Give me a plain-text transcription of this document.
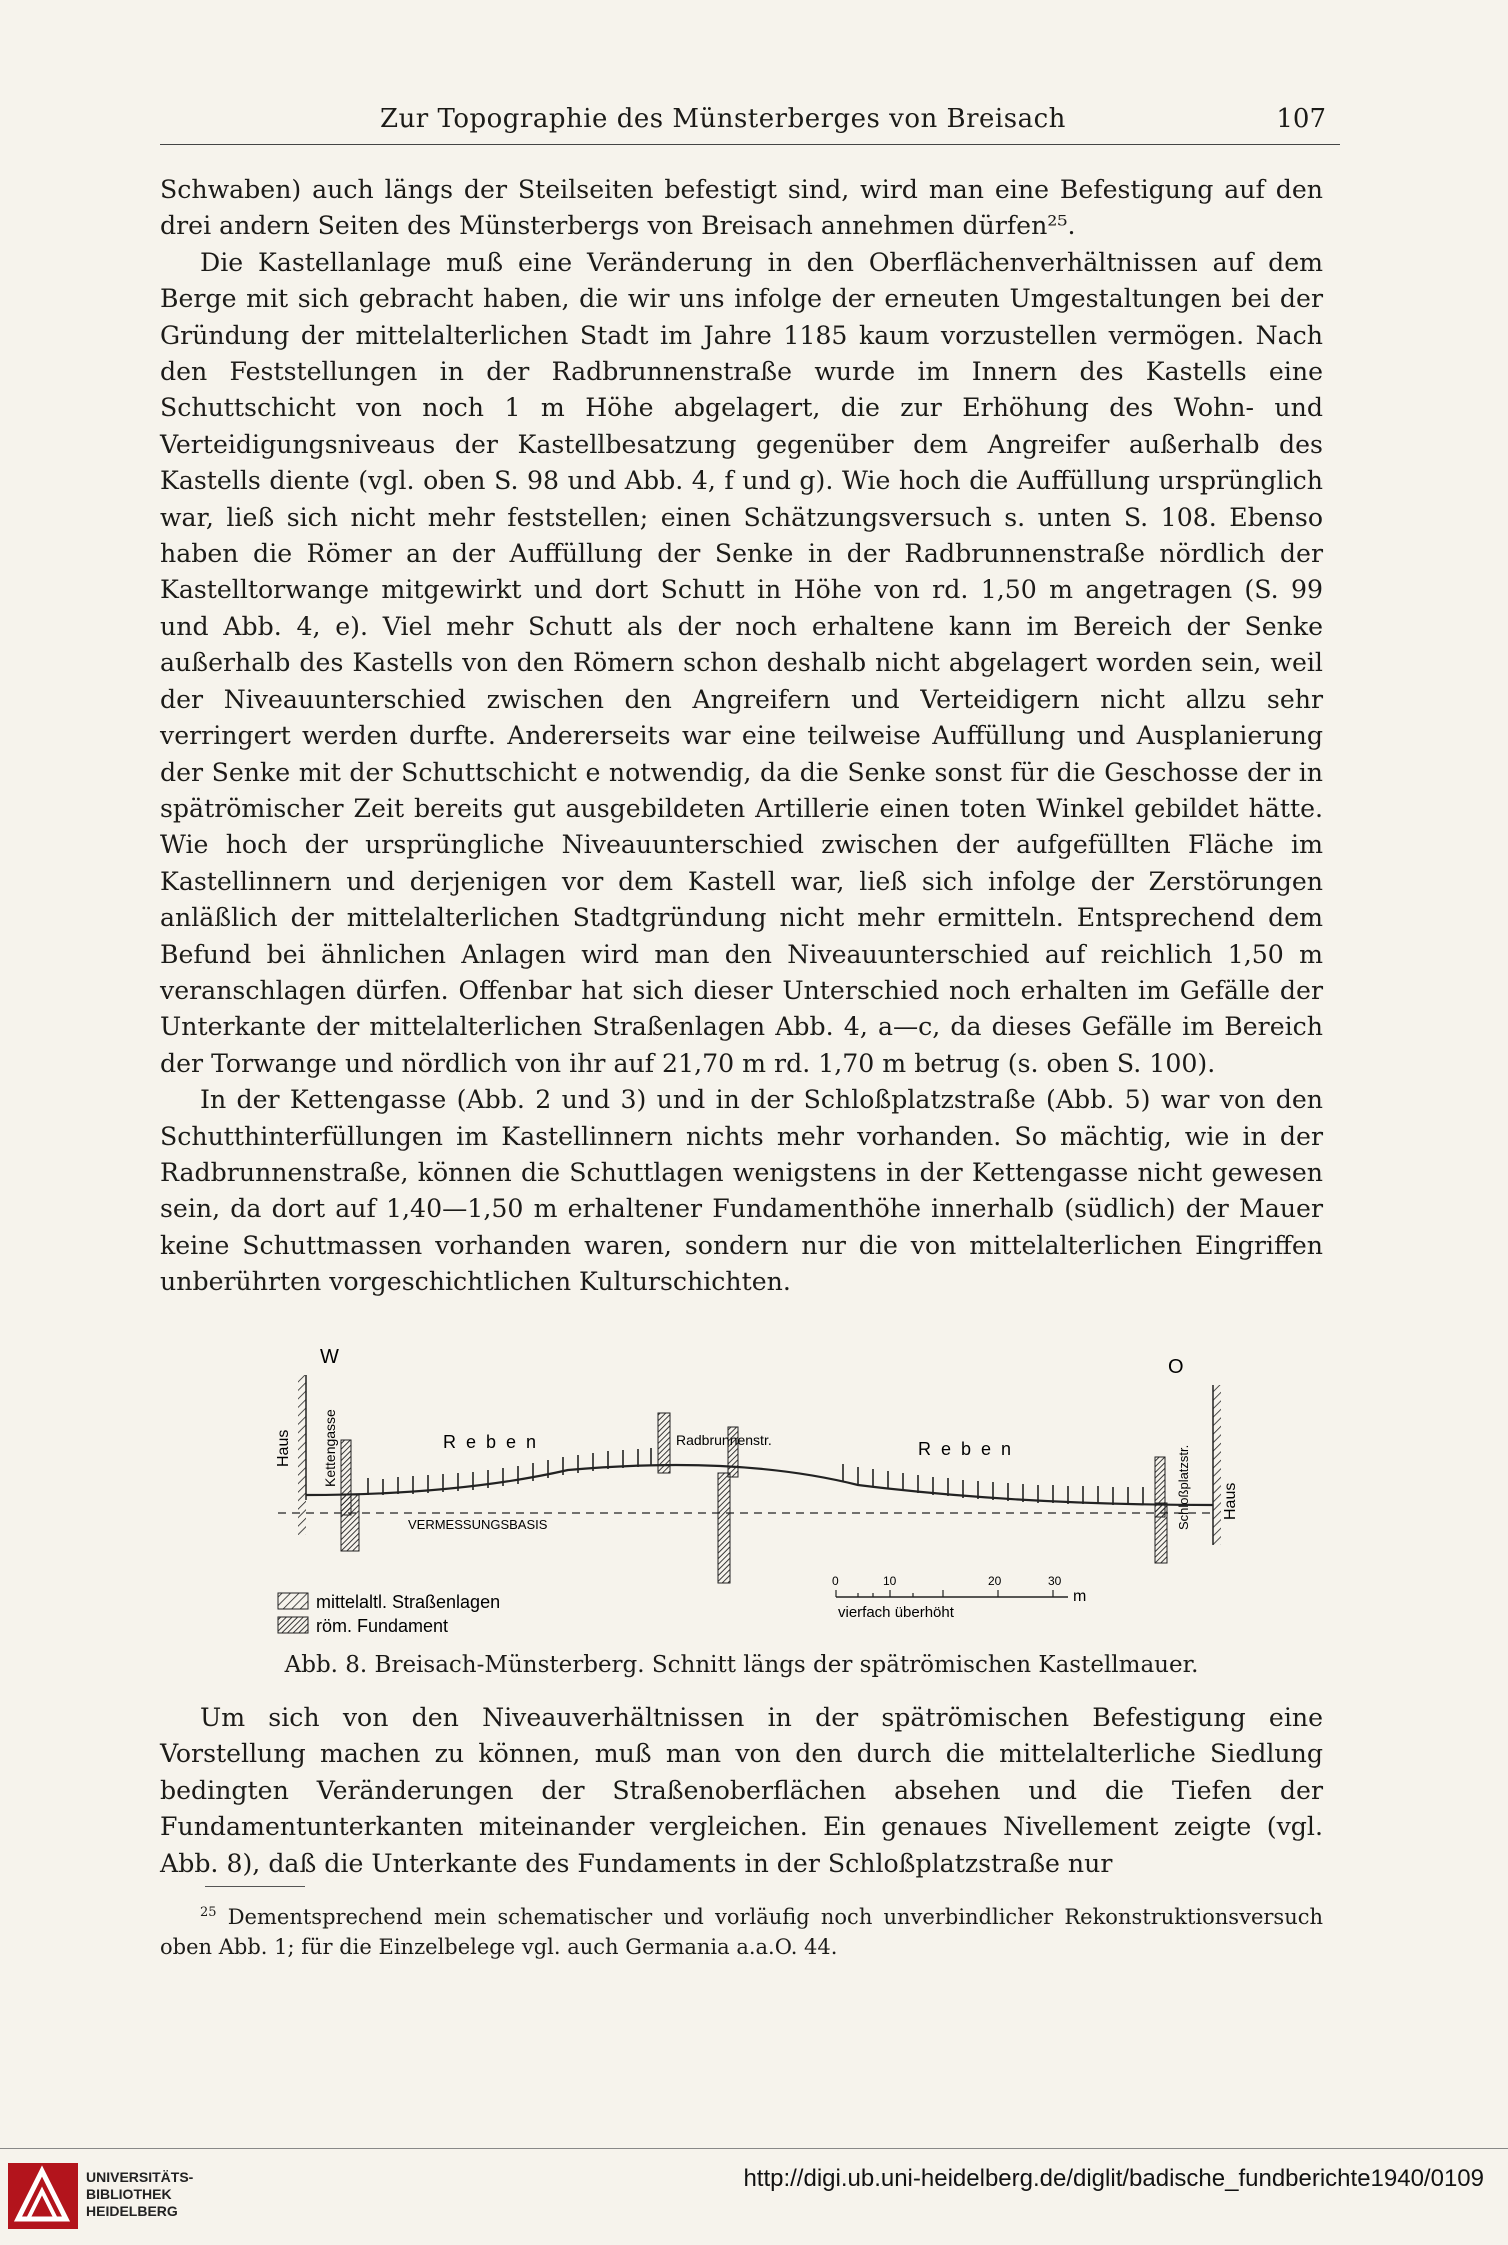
Zur Topographie des Münsterberges von Breisach	107

Schwaben) auch längs der Steilseiten befestigt sind, wird man eine Befestigung auf den drei andern Seiten des Münsterbergs von Breisach annehmen dürfen²⁵.

Die Kastellanlage muß eine Veränderung in den Oberflächenverhältnissen auf dem Berge mit sich gebracht haben, die wir uns infolge der erneuten Umgestaltungen bei der Gründung der mittelalterlichen Stadt im Jahre 1185 kaum vorzustellen vermögen. Nach den Feststellungen in der Radbrunnenstraße wurde im Innern des Kastells eine Schuttschicht von noch 1 m Höhe abgelagert, die zur Erhöhung des Wohn- und Verteidigungsniveaus der Kastellbesatzung gegenüber dem Angreifer außerhalb des Kastells diente (vgl. oben S. 98 und Abb. 4, f und g). Wie hoch die Auffüllung ursprünglich war, ließ sich nicht mehr feststellen; einen Schätzungsversuch s. unten S. 108. Ebenso haben die Römer an der Auffüllung der Senke in der Radbrunnenstraße nördlich der Kastelltorwange mitgewirkt und dort Schutt in Höhe von rd. 1,50 m angetragen (S. 99 und Abb. 4, e). Viel mehr Schutt als der noch erhaltene kann im Bereich der Senke außerhalb des Kastells von den Römern schon deshalb nicht abgelagert worden sein, weil der Niveauunterschied zwischen den Angreifern und Verteidigern nicht allzu sehr verringert werden durfte. Andererseits war eine teilweise Auffüllung und Ausplanierung der Senke mit der Schuttschicht e notwendig, da die Senke sonst für die Geschosse der in spätrömischer Zeit bereits gut ausgebildeten Artillerie einen toten Winkel gebildet hätte. Wie hoch der ursprüngliche Niveauunterschied zwischen der aufgefüllten Fläche im Kastellinnern und derjenigen vor dem Kastell war, ließ sich infolge der Zerstörungen anläßlich der mittelalterlichen Stadtgründung nicht mehr ermitteln. Entsprechend dem Befund bei ähnlichen Anlagen wird man den Niveauunterschied auf reichlich 1,50 m veranschlagen dürfen. Offenbar hat sich dieser Unterschied noch erhalten im Gefälle der Unterkante der mittelalterlichen Straßenlagen Abb. 4, a—c, da dieses Gefälle im Bereich der Torwange und nördlich von ihr auf 21,70 m rd. 1,70 m betrug (s. oben S. 100).

In der Kettengasse (Abb. 2 und 3) und in der Schloßplatzstraße (Abb. 5) war von den Schutthinterfüllungen im Kastellinnern nichts mehr vorhanden. So mächtig, wie in der Radbrunnenstraße, können die Schuttlagen wenigstens in der Kettengasse nicht gewesen sein, da dort auf 1,40—1,50 m erhaltener Fundamenthöhe innerhalb (südlich) der Mauer keine Schuttmassen vorhanden waren, sondern nur die von mittelalterlichen Eingriffen unberührten vorgeschichtlichen Kulturschichten.

W	O
Haus Kettengasse
Haus
Schloßplatzstr.
Radbrunnenstr.
Reben	Reben
VERMESSUNGSBASIS
0	10	20	30
m
vierfach überhöht
mittelaltl. Straßenlagen
röm. Fundament
Abb. 8. Breisach-Münsterberg. Schnitt längs der spätrömischen Kastellmauer.

Um sich von den Niveauverhältnissen in der spätrömischen Befestigung eine Vorstellung machen zu können, muß man von den durch die mittelalterliche Siedlung bedingten Veränderungen der Straßenoberflächen absehen und die Tiefen der Fundamentunterkanten miteinander vergleichen. Ein genaues Nivellement zeigte (vgl. Abb. 8), daß die Unterkante des Fundaments in der Schloßplatzstraße nur

$^{25}$ Dementsprechend mein schematischer und vorläufig noch unverbindlicher Rekonstruktionsversuch oben Abb. 1; für die Einzelbelege vgl. auch Germania a.a.O. 44.

UNIVERSITÄTS-
BIBLIOTHEK
HEIDELBERG
http://digi.ub.uni-heidelberg.de/diglit/badische_fundberichte1940/0109
